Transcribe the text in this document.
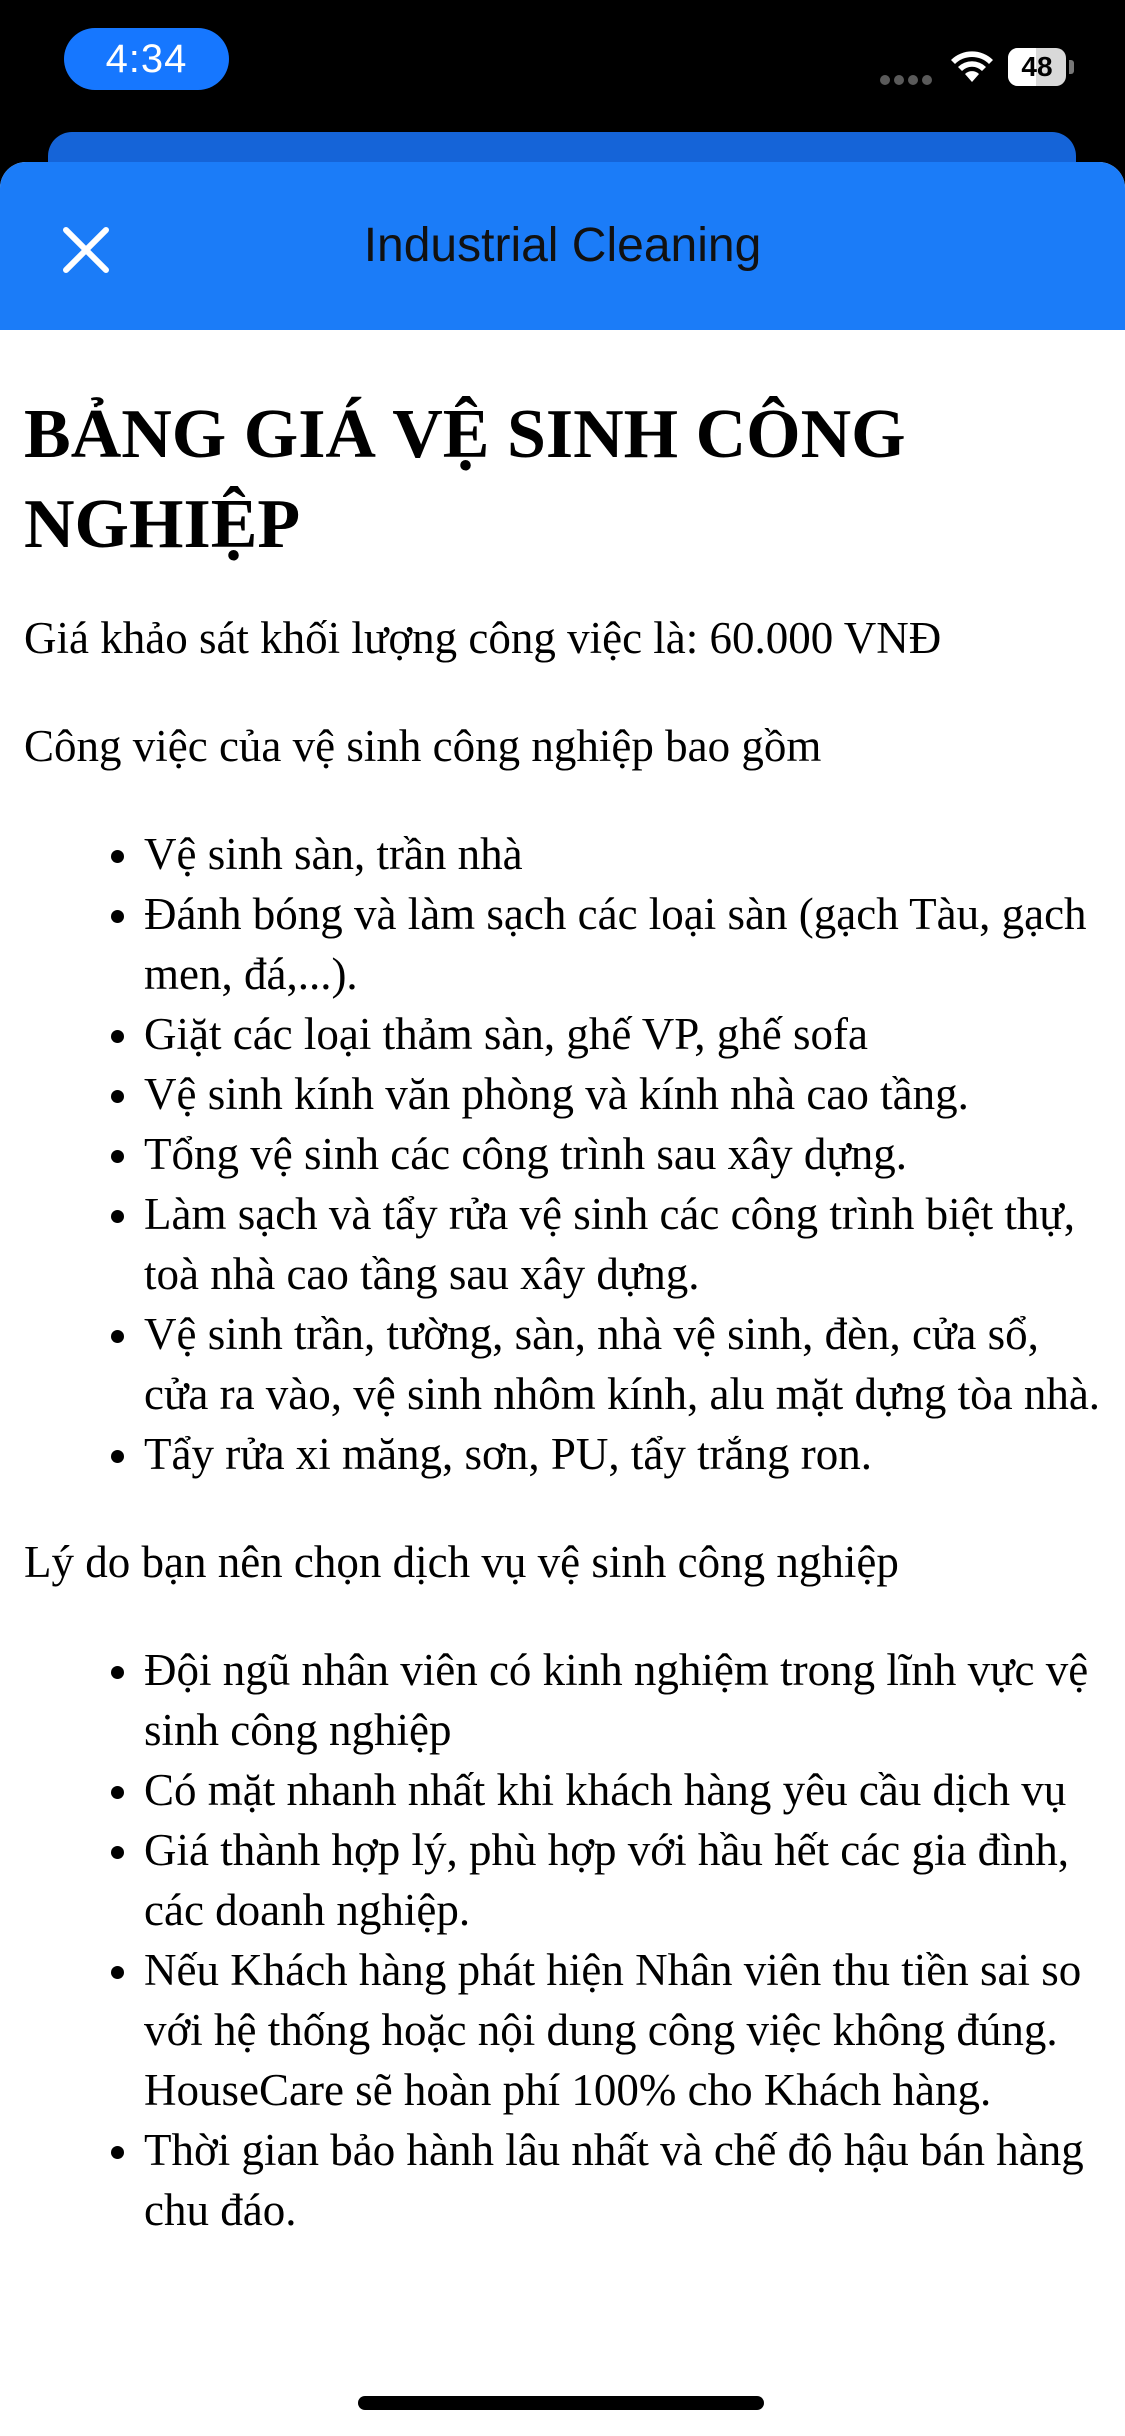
4:34	48
Industrial Cleaning
BẢNG GIÁ VỆ SINH CÔNG NGHIỆP

Giá khảo sát khối lượng công việc là: 60.000 VNĐ

Công việc của vệ sinh công nghiệp bao gồm

• Vệ sinh sàn, trần nhà
• Đánh bóng và làm sạch các loại sàn (gạch Tàu, gạch men, đá,...).
• Giặt các loại thảm sàn, ghế VP, ghế sofa
• Vệ sinh kính văn phòng và kính nhà cao tầng.
• Tổng vệ sinh các công trình sau xây dựng.
• Làm sạch và tẩy rửa vệ sinh các công trình biệt thự, toà nhà cao tầng sau xây dựng.
• Vệ sinh trần, tường, sàn, nhà vệ sinh, đèn, cửa sổ, cửa ra vào, vệ sinh nhôm kính, alu mặt dựng tòa nhà.
• Tẩy rửa xi măng, sơn, PU, tẩy trắng ron.

Lý do bạn nên chọn dịch vụ vệ sinh công nghiệp

• Đội ngũ nhân viên có kinh nghiệm trong lĩnh vực vệ sinh công nghiệp
• Có mặt nhanh nhất khi khách hàng yêu cầu dịch vụ
• Giá thành hợp lý, phù hợp với hầu hết các gia đình, các doanh nghiệp.
• Nếu Khách hàng phát hiện Nhân viên thu tiền sai so với hệ thống hoặc nội dung công việc không đúng. HouseCare sẽ hoàn phí 100% cho Khách hàng.
• Thời gian bảo hành lâu nhất và chế độ hậu bán hàng chu đáo.
